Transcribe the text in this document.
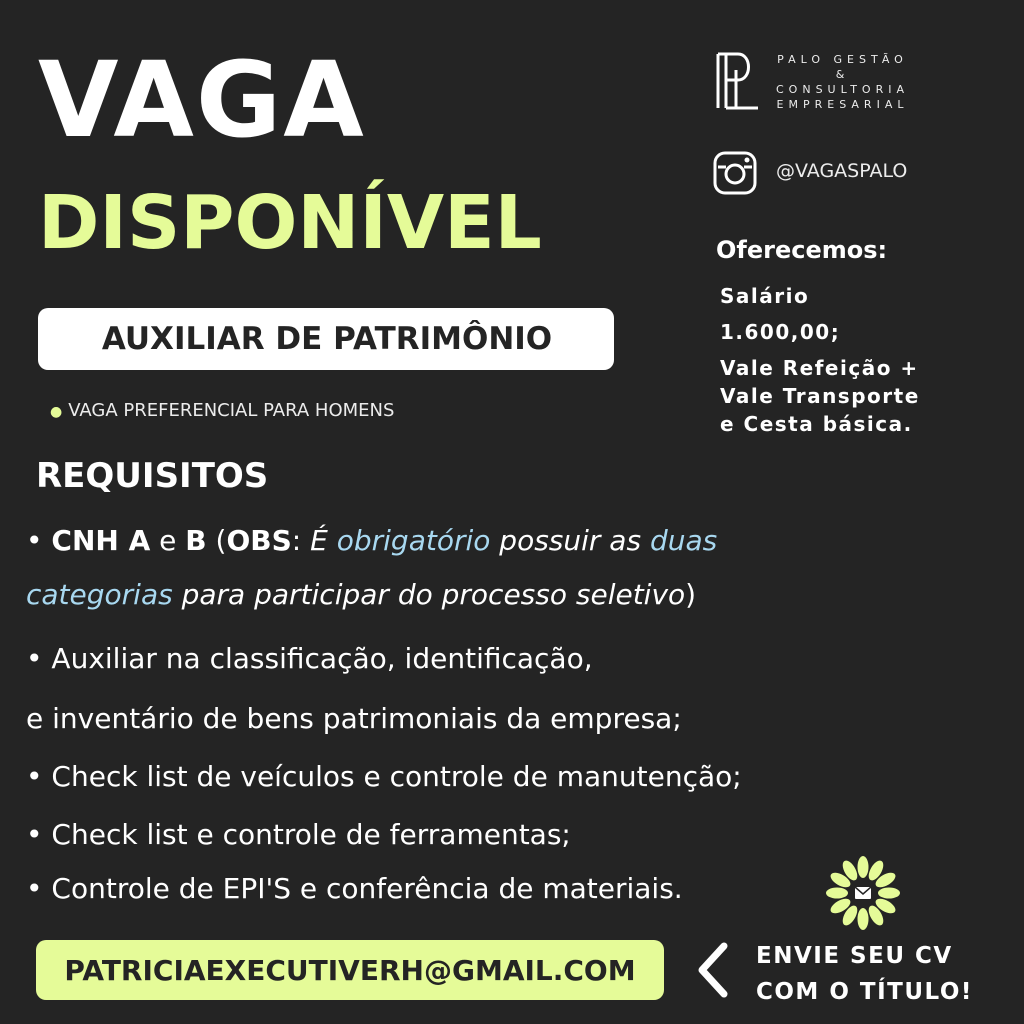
VAGA
DISPONÍVEL
AUXILIAR DE PATRIMÔNIO
● VAGA PREFERENCIAL PARA HOMENS
PALO GESTÃO
&
CONSULTORIA
EMPRESARIAL
@VAGASPALO
Oferecemos:
Salário
1.600,00;
Vale Refeição +
Vale Transporte
e Cesta básica.
REQUISITOS
• CNH A e B (OBS: É obrigatório possuir as duas
categorias para participar do processo seletivo)
• Auxiliar na classificação, identificação,
e inventário de bens patrimoniais da empresa;
• Check list de veículos e controle de manutenção;
• Check list e controle de ferramentas;
• Controle de EPI'S e conferência de materiais.
PATRICIAEXECUTIVERH@GMAIL.COM	ENVIE SEU CV
COM O TÍTULO!
